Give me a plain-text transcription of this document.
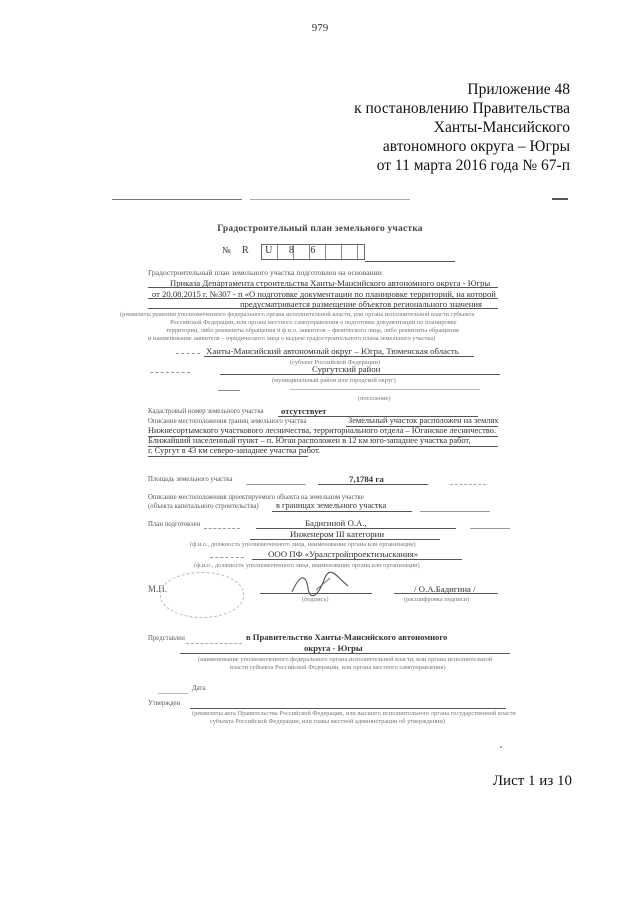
979
Приложение 48
к постановлению Правительства
Ханты-Мансийского
автономного округа – Югры
от 11 марта 2016 года № 67-п
Градостроительный план земельного участка
№ R U 8 6
Градостроительный план земельного участка подготовлен на основании
Приказа Департамента строительства Ханты-Мансийского автономного округа - Югры
от 20.08.2015 г. №307 - п «О подготовке документации по планировке территорий, на которой
предусматривается размещение объектов регионального значения
(реквизиты решения уполномоченного федерального органа исполнительной власти, или органа исполнительной власти субъекта
Российской Федерации, или органа местного самоуправления о подготовке документации по планировке
территории, либо реквизиты обращения и ф.и.о. заявителя – физического лица, либо реквизиты обращения
и наименование заявителя – юридического лица о выдаче градостроительного плана земельного участка)
Ханты-Мансийский автономный округ – Югра, Тюменская область
(субъект Российской Федерации)
Сургутский район
(муниципальный район или городской округ)
(поселение)
Кадастровый номер земельного участка отсутствует
Описание местоположения границ земельного участка	Земельный участок расположен на землях
Нижнесортымского участкового лесничества, территориального отдела – Юганское лесничество.
Ближайший населенный пункт – п. Юган расположен в 12 км юго-западнее участка работ,
г. Сургут в 43 км северо-западнее участка работ.
Площадь земельного участка	7,1784 га
Описание местоположения проектируемого объекта на земельном участке
(объекта капитального строительства) в границах земельного участка
План подготовлен	Бадигиной О.А.,
Инженером III категории
(ф.и.о., должность уполномоченного лица, наименование органа или организации)
ООО ПФ «Уралстройпроектизыскания»
(ф.и.о., должность уполномоченного лица, наименование органа или организации)
М.П.
(подпись)
/ О.А.Бадигина /
(расшифровка подписи)
Представлен	в Правительство Ханты-Мансийского автономного
округа - Югры
(наименование уполномоченного федерального органа исполнительной власти, или органа исполнительной
власти субъекта Российской Федерации, или органа местного самоуправления)
Дата
Утвержден
(реквизиты акта Правительства Российской Федерации, или высшего исполнительного органа государственной власти
субъекта Российской Федерации, или главы местной администрации об утверждении)
Лист 1 из 10
